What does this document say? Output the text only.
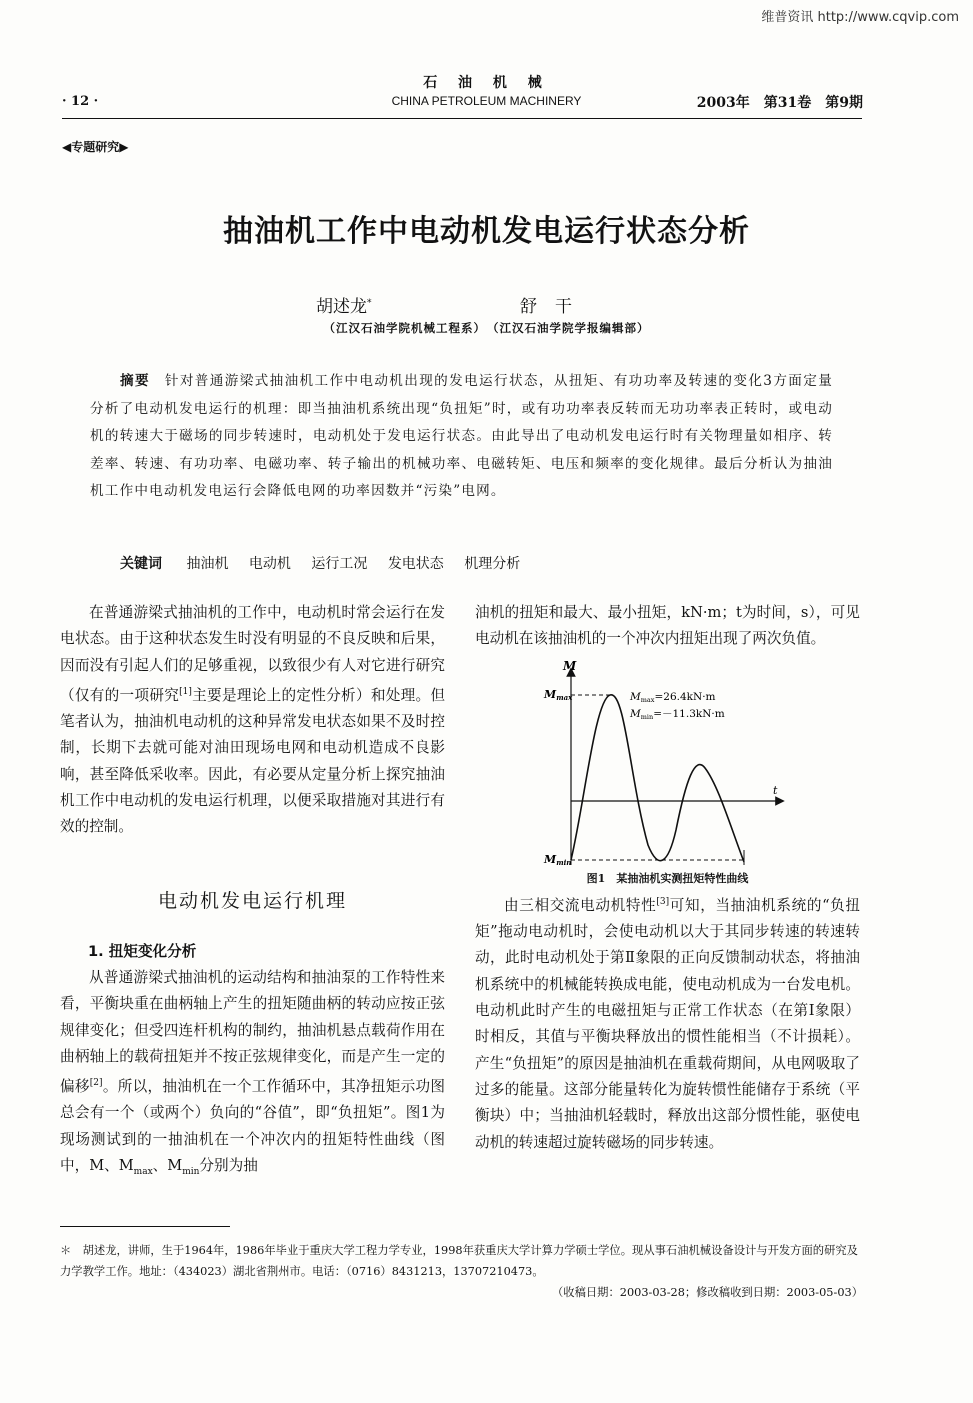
维普资讯 http://www.cqvip.com
石 油 机 械
CHINA PETROLEUM MACHINERY
· 12 ·	2003年　第31卷　第9期
◀专题研究▶
抽油机工作中电动机发电运行状态分析
胡述龙*	舒干
（江汉石油学院机械工程系）　（江汉石油学院学报编辑部）
摘要　 针对普通游梁式抽油机工作中电动机出现的发电运行状态，从扭矩、有功功率及转速的变化3方面定量分析了电动机发电运行的机理：即当抽油机系统出现“负扭矩”时，或有功功率表反转而无功功率表正转时，或电动机的转速大于磁场的同步转速时，电动机处于发电运行状态。由此导出了电动机发电运行时有关物理量如相序、转差率、转速、有功功率、电磁功率、转子输出的机械功率、电磁转矩、电压和频率的变化规律。最后分析认为抽油机工作中电动机发电运行会降低电网的功率因数并“污染”电网。
关键词 抽油机 电动机 运行工况 发电状态 机理分析

在普通游梁式抽油机的工作中，电动机时常会运行在发电状态。由于这种状态发生时没有明显的不良反映和后果，因而没有引起人们的足够重视，以致很少有人对它进行研究（仅有的一项研究[1]主要是理论上的定性分析）和处理。但笔者认为，抽油机电动机的这种异常发电状态如果不及时控制，长期下去就可能对油田现场电网和电动机造成不良影响，甚至降低采收率。因此，有必要从定量分析上探究抽油机工作中电动机的发电运行机理，以便采取措施对其进行有效的控制。

电动机发电运行机理
1. 扭矩变化分析

从普通游梁式抽油机的运动结构和抽油泵的工作特性来看，平衡块重在曲柄轴上产生的扭矩随曲柄的转动应按正弦规律变化；但受四连杆机构的制约，抽油机悬点载荷作用在曲柄轴上的载荷扭矩并不按正弦规律变化，而是产生一定的偏移[2]。所以，抽油机在一个工作循环中，其净扭矩示功图总会有一个（或两个）负向的“谷值”，即“负扭矩”。图1为现场测试到的一抽油机在一个冲次内的扭矩特性曲线（图中，M、$M_{max}$、$M_{min}$分别为抽

油机的扭矩和最大、最小扭矩，kN·m；t为时间，s），可见电动机在该抽油机的一个冲次内扭矩出现了两次负值。

M
t
Mmax
Mmin
Mmax=26.4kN·m
Mmin=－11.3kN·m
图1　某抽油机实测扭矩特性曲线

由三相交流电动机特性[3]可知，当抽油机系统的“负扭矩”拖动电动机时，会使电动机以大于其同步转速的转速转动，此时电动机处于第Ⅱ象限的正向反馈制动状态，将抽油机系统中的机械能转换成电能，使电动机成为一台发电机。电动机此时产生的电磁扭矩与正常工作状态（在第Ⅰ象限）时相反，其值与平衡块释放出的惯性能相当（不计损耗）。产生“负扭矩”的原因是抽油机在重载荷期间，从电网吸取了过多的能量。这部分能量转化为旋转惯性能储存于系统（平衡块）中；当抽油机轻载时，释放出这部分惯性能，驱使电动机的转速超过旋转磁场的同步转速。

＊　胡述龙，讲师，生于1964年，1986年毕业于重庆大学工程力学专业，1998年获重庆大学计算力学硕士学位。现从事石油机械设备设计与开发方面的研究及力学教学工作。地址：（434023）湖北省荆州市。电话：（0716）8431213，13707210473。
（收稿日期：2003-03-28；修改稿收到日期：2003-05-03）
